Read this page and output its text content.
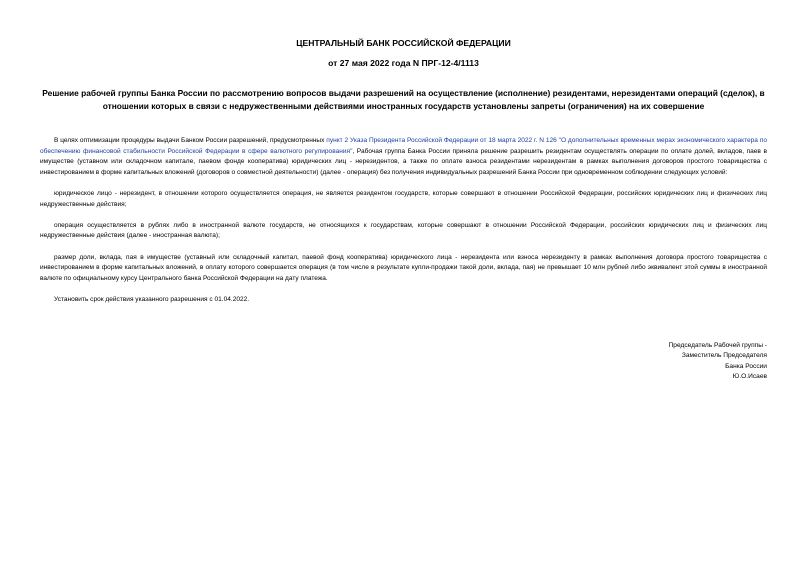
ЦЕНТРАЛЬНЫЙ БАНК РОССИЙСКОЙ ФЕДЕРАЦИИ
от 27 мая 2022 года N ПРГ-12-4/1113
Решение рабочей группы Банка России по рассмотрению вопросов выдачи разрешений на осуществление (исполнение) резидентами, нерезидентами операций (сделок), в отношении которых в связи с недружественными действиями иностранных государств установлены запреты (ограничения) на их совершение

В целях оптимизации процедуры выдачи Банком России разрешений, предусмотренных пункт 2 Указа Президента Российской Федерации от 18 марта 2022 г. N 126 "О дополнительных временных мерах экономического характера по обеспечению финансовой стабильности Российской Федерации в сфере валютного регулирования", Рабочая группа Банка России приняла решение разрешить резидентам осуществлять операции по оплате долей, вкладов, паев в имуществе (уставном или складочном капитале, паевом фонде кооператива) юридических лиц - нерезидентов, а также по оплате взноса резидентами нерезидентам в рамках выполнения договоров простого товарищества с инвестированием в форме капитальных вложений (договоров о совместной деятельности) (далее - операция) без получения индивидуальных разрешений Банка России при одновременном соблюдении следующих условий:

юридическое лицо - нерезидент, в отношении которого осуществляется операция, не является резидентом государств, которые совершают в отношении Российской Федерации, российских юридических лиц и физических лиц недружественные действия;

операция осуществляется в рублях либо в иностранной валюте государств, не относящихся к государствам, которые совершают в отношении Российской Федерации, российских юридических лиц и физических лиц недружественные действия (далее - иностранная валюта);

размер доли, вклада, пая в имуществе (уставный или складочный капитал, паевой фонд кооператива) юридического лица - нерезидента или взноса нерезиденту в рамках выполнения договора простого товарищества с инвестированием в форме капитальных вложений, в оплату которого совершается операция (в том числе в результате купли-продажи такой доли, вклада, пая) не превышает 10 млн рублей либо эквивалент этой суммы в иностранной валюте по официальному курсу Центрального банка Российской Федерации на дату платежа.

Установить срок действия указанного разрешения с 01.04.2022.

Председатель Рабочей группы -
Заместитель Председателя
Банка России
Ю.О.Исаев
